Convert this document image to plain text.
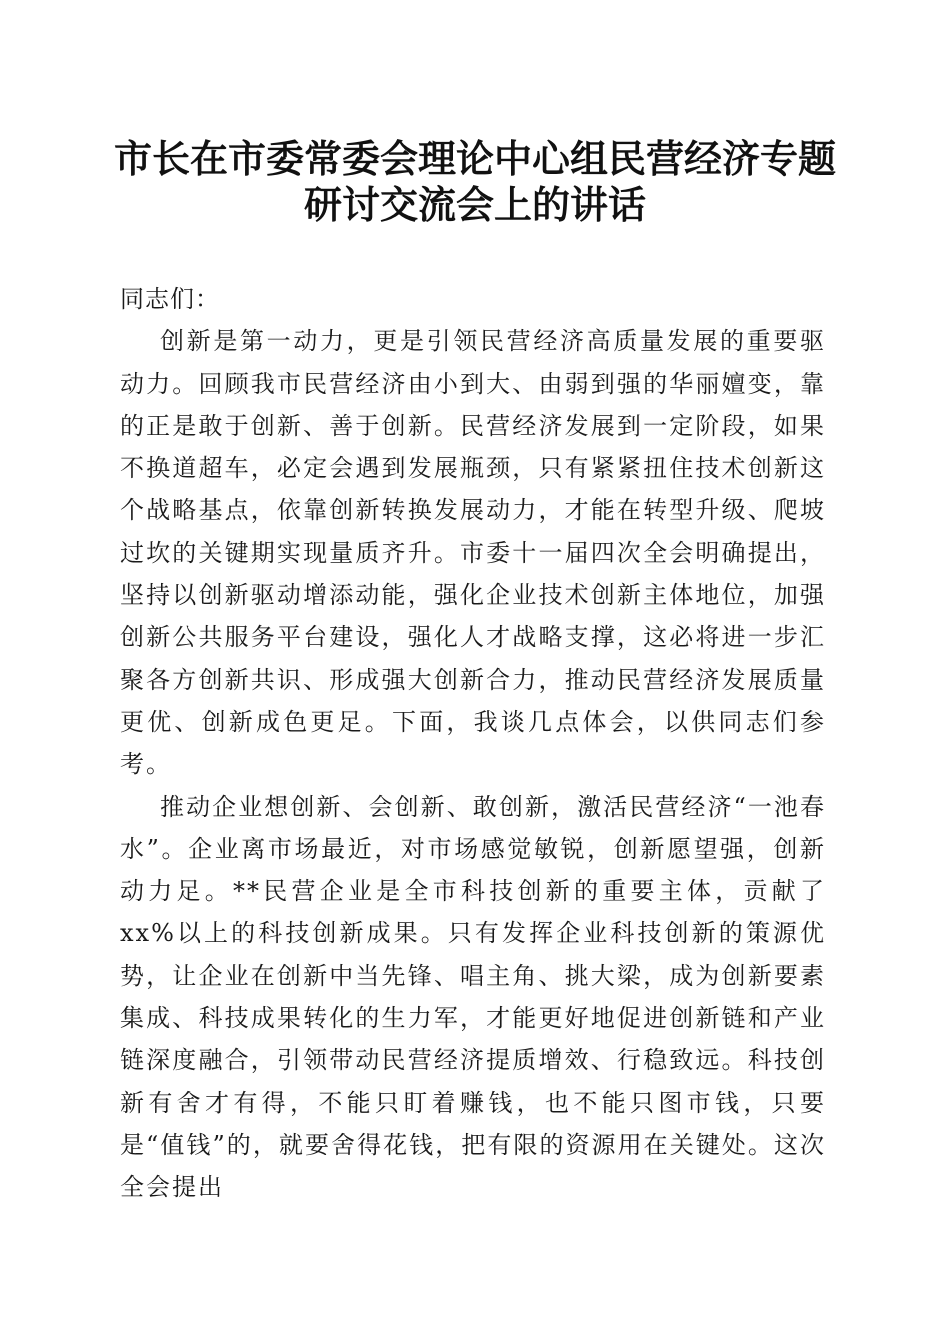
市长在市委常委会理论中心组民营经济专题研讨交流会上的讲话

同志们：

创新是第一动力，更是引领民营经济高质量发展的重要驱动力。回顾我市民营经济由小到大、由弱到强的华丽嬗变，靠的正是敢于创新、善于创新。民营经济发展到一定阶段，如果不换道超车，必定会遇到发展瓶颈，只有紧紧扭住技术创新这个战略基点，依靠创新转换发展动力，才能在转型升级、爬坡过坎的关键期实现量质齐升。市委十一届四次全会明确提出，坚持以创新驱动增添动能，强化企业技术创新主体地位，加强创新公共服务平台建设，强化人才战略支撑，这必将进一步汇聚各方创新共识、形成强大创新合力，推动民营经济发展质量更优、创新成色更足。下面，我谈几点体会，以供同志们参考。

推动企业想创新、会创新、敢创新，激活民营经济“一池春水”。企业离市场最近，对市场感觉敏锐，创新愿望强，创新动力足。**民营企业是全市科技创新的重要主体，贡献了xx%以上的科技创新成果。只有发挥企业科技创新的策源优势，让企业在创新中当先锋、唱主角、挑大梁，成为创新要素集成、科技成果转化的生力军，才能更好地促进创新链和产业链深度融合，引领带动民营经济提质增效、行稳致远。科技创新有舍才有得，不能只盯着赚钱，也不能只图市钱，只要是“值钱”的，就要舍得花钱，把有限的资源用在关键处。这次全会提出
